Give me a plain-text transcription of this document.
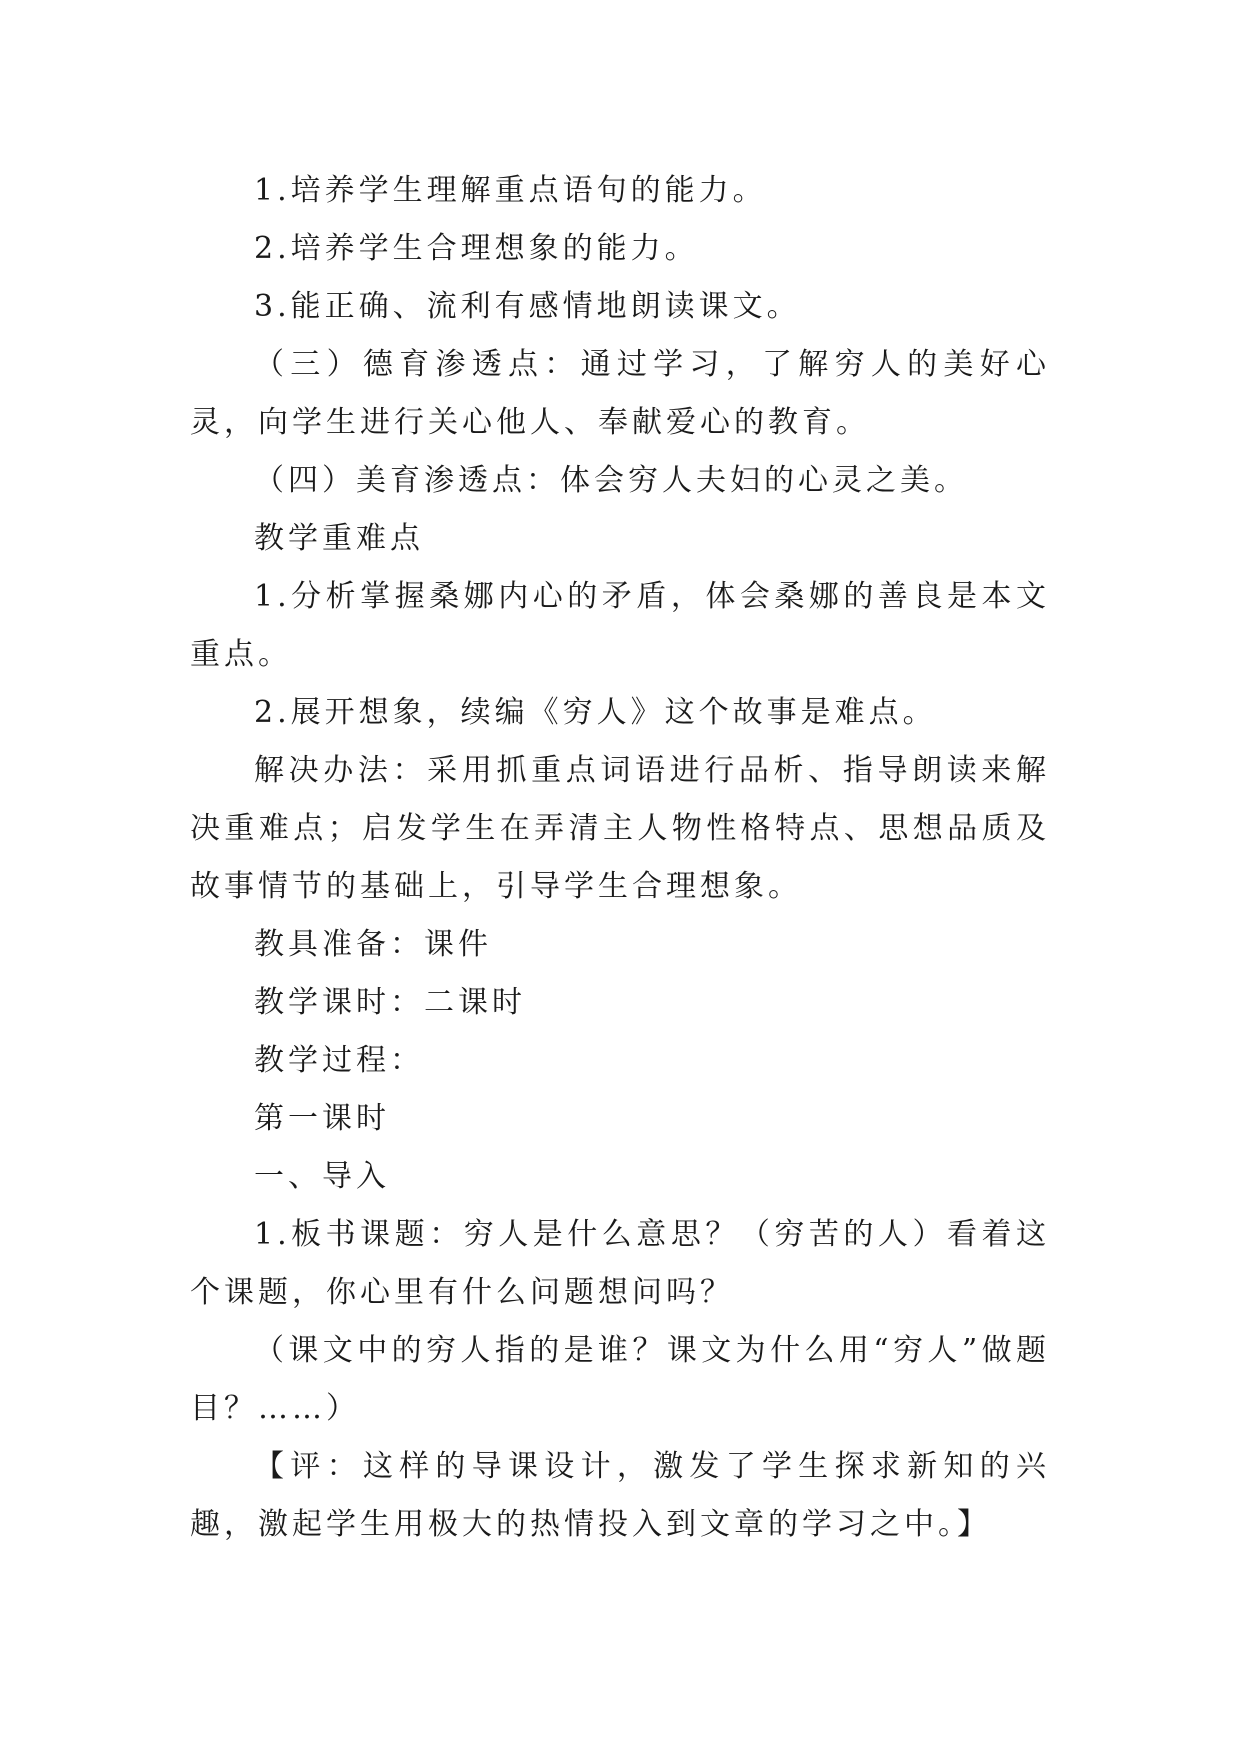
1.培养学生理解重点语句的能力。

2.培养学生合理想象的能力。

3.能正确、流利有感情地朗读课文。

（三）德育渗透点：通过学习，了解穷人的美好心灵，向学生进行关心他人、奉献爱心的教育。

（四）美育渗透点：体会穷人夫妇的心灵之美。

教学重难点

1.分析掌握桑娜内心的矛盾，体会桑娜的善良是本文重点。

2.展开想象，续编《穷人》这个故事是难点。

解决办法：采用抓重点词语进行品析、指导朗读来解决重难点；启发学生在弄清主人物性格特点、思想品质及故事情节的基础上，引导学生合理想象。

教具准备：课件

教学课时：二课时

教学过程：

第一课时

一、导入

1.板书课题：穷人是什么意思？（穷苦的人）看着这个课题，你心里有什么问题想问吗？

（课文中的穷人指的是谁？课文为什么用“穷人”做题目？……）

【评：这样的导课设计，激发了学生探求新知的兴趣，激起学生用极大的热情投入到文章的学习之中。】
